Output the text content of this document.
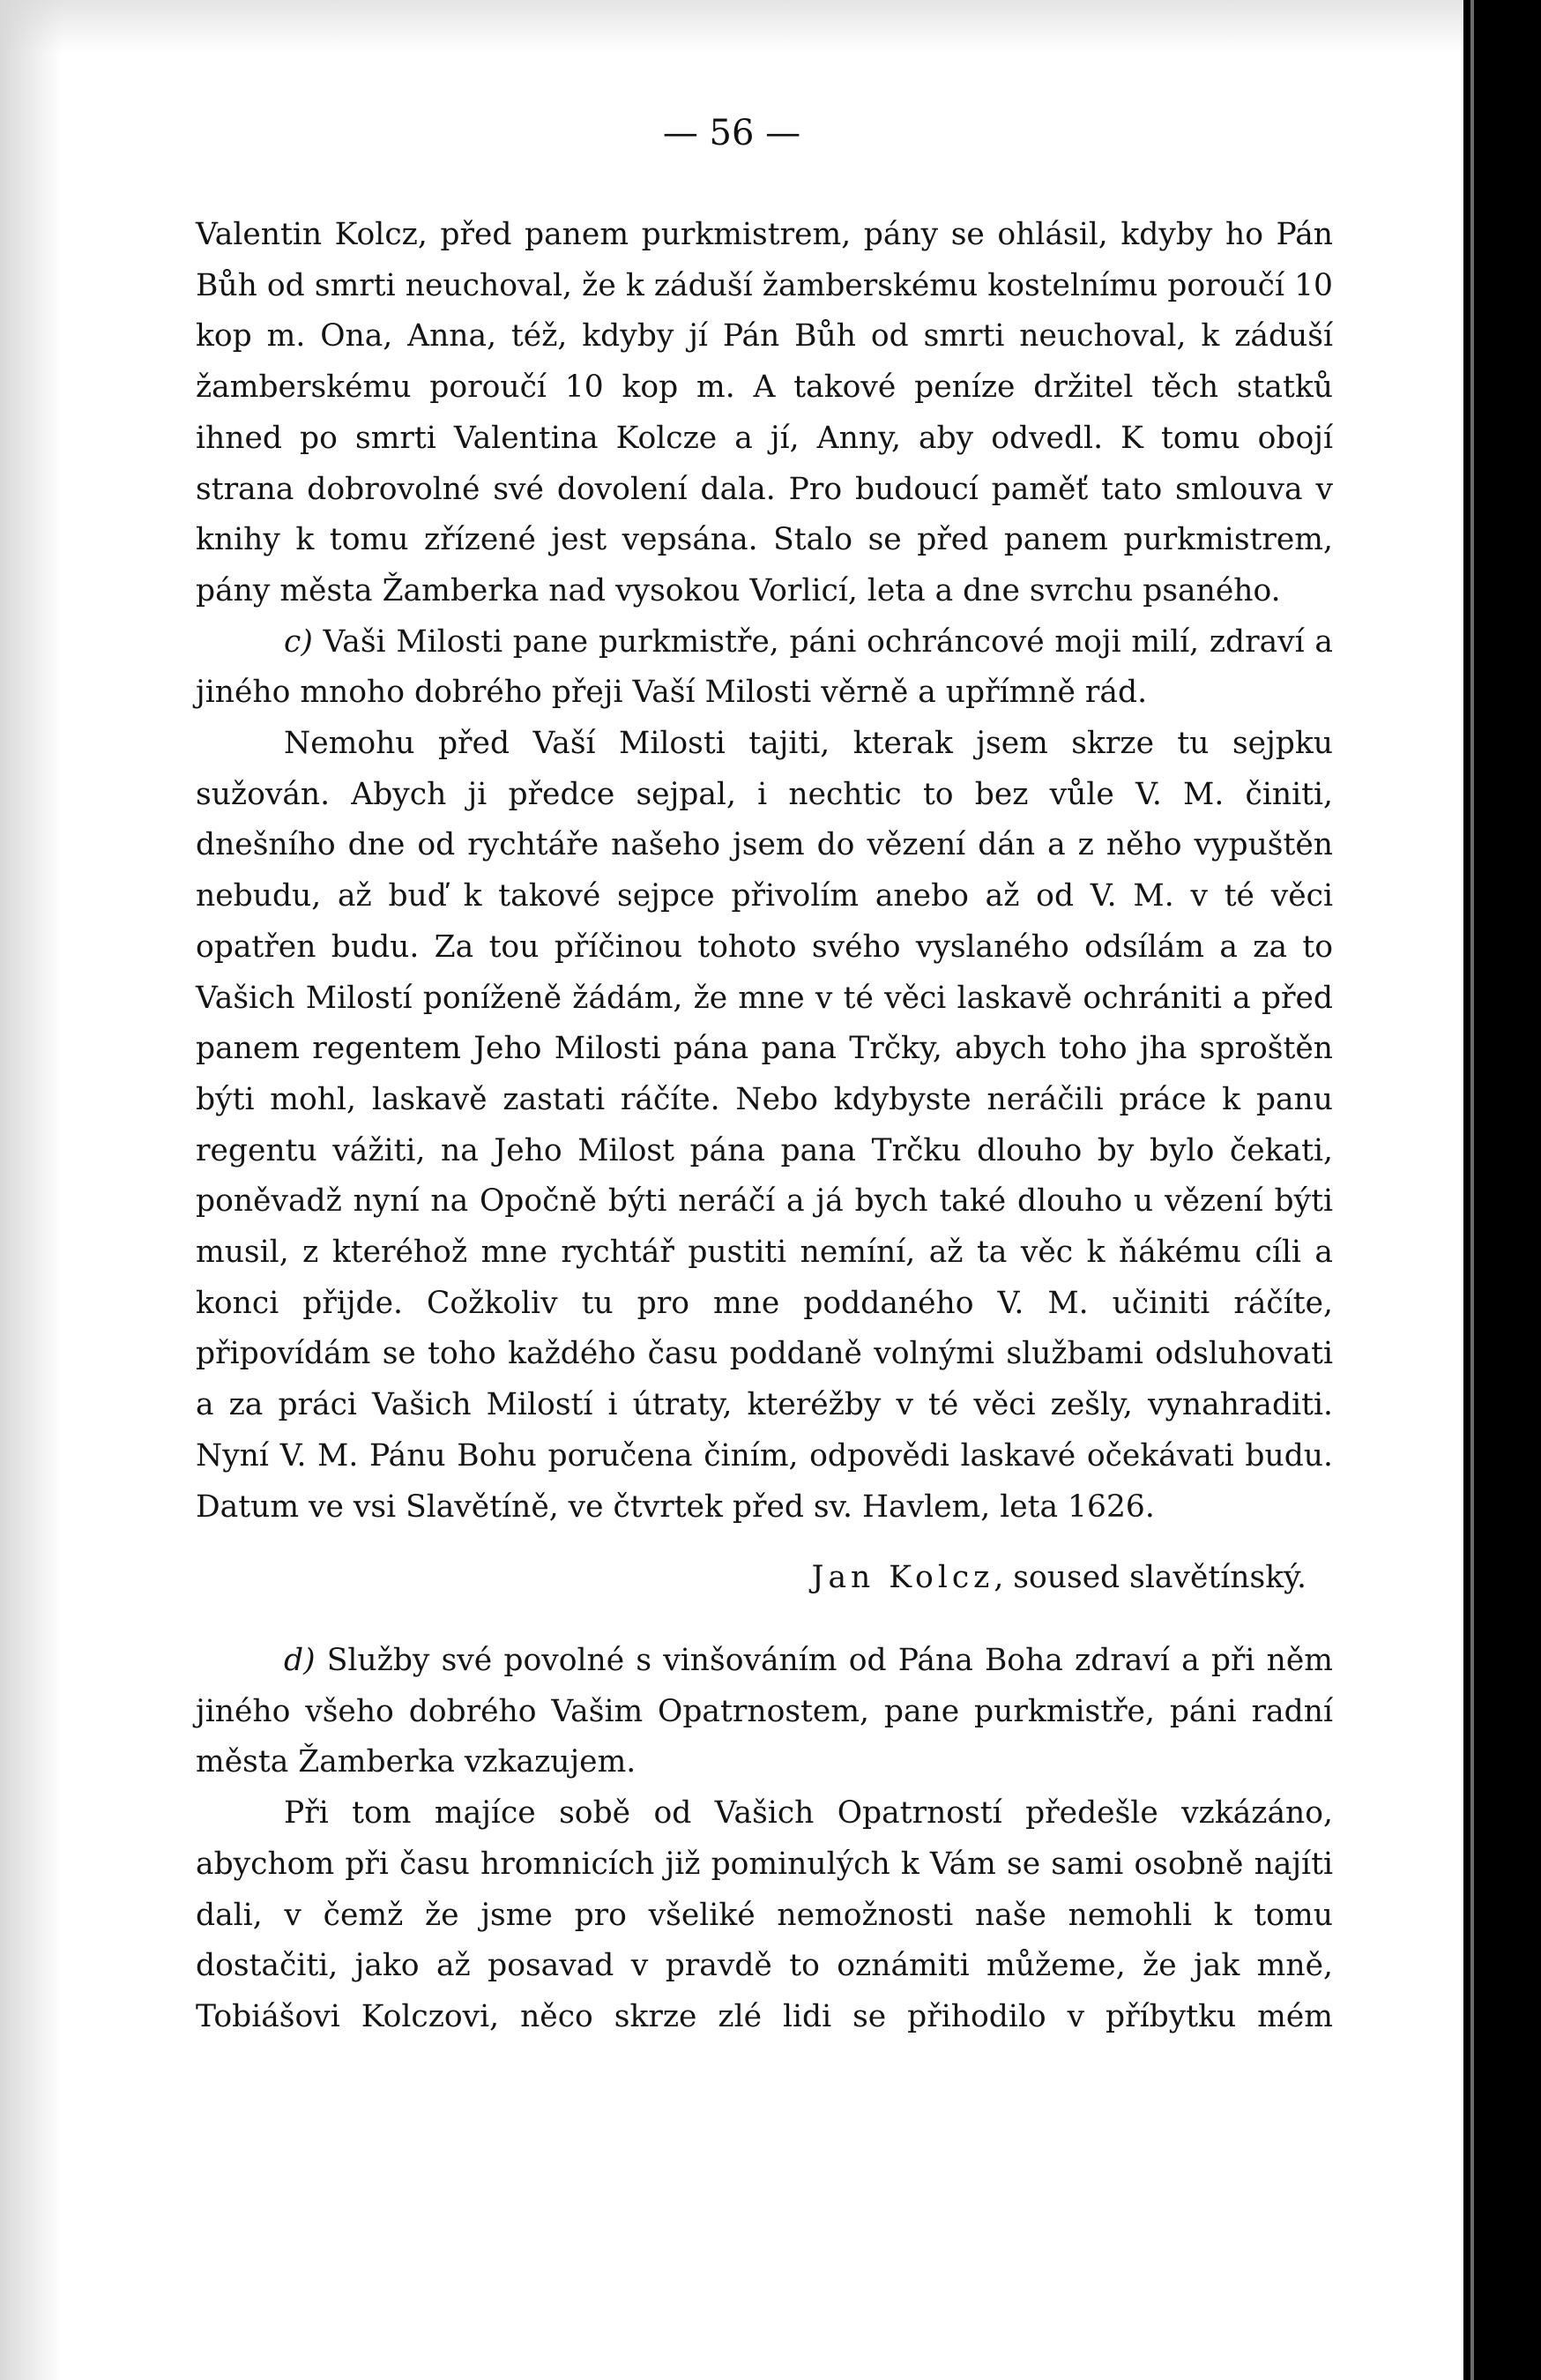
— 56 —

Valentin Kolcz, před panem purkmistrem, pány se ohlásil, kdyby ho Pán Bůh od smrti neuchoval, že k záduší žamberskému kostelnímu poroučí 10 kop m. Ona, Anna, též, kdyby jí Pán Bůh od smrti neuchoval, k záduší žamberskému poroučí 10 kop m. A takové peníze držitel těch statků ihned po smrti Valentina Kolcze a jí, Anny, aby odvedl. K tomu obojí strana dobrovolné své dovolení dala. Pro budoucí paměť tato smlouva v knihy k tomu zřízené jest vepsána. Stalo se před panem purkmistrem, pány města Žamberka nad vysokou Vorlicí, leta a dne svrchu psaného.

c) Vaši Milosti pane purkmistře, páni ochráncové moji milí, zdraví a jiného mnoho dobrého přeji Vaší Milosti věrně a upřímně rád.

Nemohu před Vaší Milosti tajiti, kterak jsem skrze tu sejpku sužován. Abych ji předce sejpal, i nechtic to bez vůle V. M. činiti, dnešního dne od rychtáře našeho jsem do vězení dán a z něho vypuštěn nebudu, až buď k takové sejpce přivolím anebo až od V. M. v té věci opatřen budu. Za tou příčinou tohoto svého vyslaného odsílám a za to Vašich Milostí poníženě žádám, že mne v té věci laskavě ochrániti a před panem regentem Jeho Milosti pána pana Trčky, abych toho jha sproštěn býti mohl, laskavě zastati ráčíte. Nebo kdybyste neráčili práce k panu regentu vážiti, na Jeho Milost pána pana Trčku dlouho by bylo čekati, poněvadž nyní na Opočně býti neráčí a já bych také dlouho u vězení býti musil, z kteréhož mne rychtář pustiti nemíní, až ta věc k ňákému cíli a konci přijde. Cožkoliv tu pro mne poddaného V. M. učiniti ráčíte, připovídám se toho každého času poddaně volnými službami odsluhovati a za práci Vašich Milostí i útraty, kteréžby v té věci zešly, vynahraditi. Nyní V. M. Pánu Bohu poručena činím, odpovědi laskavé očekávati budu. Datum ve vsi Slavětíně, ve čtvrtek před sv. Havlem, leta 1626.

Jan Kolcz, soused slavětínský.

d) Služby své povolné s vinšováním od Pána Boha zdraví a při něm jiného všeho dobrého Vašim Opatrnostem, pane purkmistře, páni radní města Žamberka vzkazujem.

Při tom majíce sobě od Vašich Opatrností předešle vzkázáno, abychom při času hromnicích již pominulých k Vám se sami osobně najíti dali, v čemž že jsme pro všeliké nemožnosti naše nemohli k tomu dostačiti, jako až posavad v pravdě to oznámiti můžeme, že jak mně, Tobiášovi Kolczovi, něco skrze zlé lidi se přihodilo v příbytku mém
